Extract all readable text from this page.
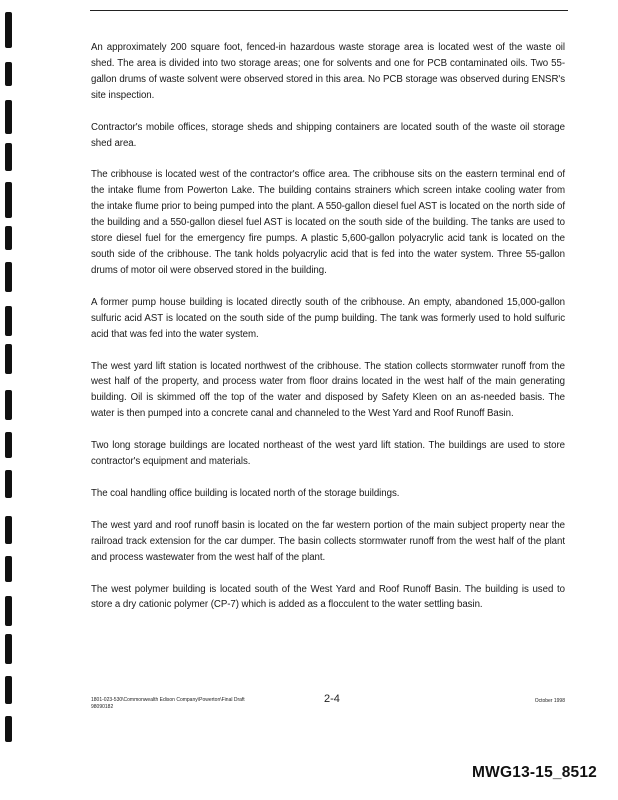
An approximately 200 square foot, fenced-in hazardous waste storage area is located west of the waste oil shed. The area is divided into two storage areas; one for solvents and one for PCB contaminated oils. Two 55-gallon drums of waste solvent were observed stored in this area. No PCB storage was observed during ENSR's site inspection.

Contractor's mobile offices, storage sheds and shipping containers are located south of the waste oil storage shed area.

The cribhouse is located west of the contractor's office area. The cribhouse sits on the eastern terminal end of the intake flume from Powerton Lake. The building contains strainers which screen intake cooling water from the intake flume prior to being pumped into the plant. A 550-gallon diesel fuel AST is located on the north side of the building and a 550-gallon diesel fuel AST is located on the south side of the building. The tanks are used to store diesel fuel for the emergency fire pumps. A plastic 5,600-gallon polyacrylic acid tank is located on the south side of the cribhouse. The tank holds polyacrylic acid that is fed into the water system. Three 55-gallon drums of motor oil were observed stored in the building.

A former pump house building is located directly south of the cribhouse. An empty, abandoned 15,000-gallon sulfuric acid AST is located on the south side of the pump building. The tank was formerly used to hold sulfuric acid that was fed into the water system.

The west yard lift station is located northwest of the cribhouse. The station collects stormwater runoff from the west half of the property, and process water from floor drains located in the west half of the main generating building. Oil is skimmed off the top of the water and disposed by Safety Kleen on an as-needed basis. The water is then pumped into a concrete canal and channeled to the West Yard and Roof Runoff Basin.

Two long storage buildings are located northeast of the west yard lift station. The buildings are used to store contractor's equipment and materials.

The coal handling office building is located north of the storage buildings.

The west yard and roof runoff basin is located on the far western portion of the main subject property near the railroad track extension for the car dumper. The basin collects stormwater runoff from the west half of the plant and process wastewater from the west half of the plant.

The west polymer building is located south of the West Yard and Roof Runoff Basin. The building is used to store a dry cationic polymer (CP-7) which is added as a flocculent to the water settling basin.

1801-023-530\Commonwealth Edison Company\Powerton\Final Draft
98090182
2-4	October 1998
MWG13-15_8512
